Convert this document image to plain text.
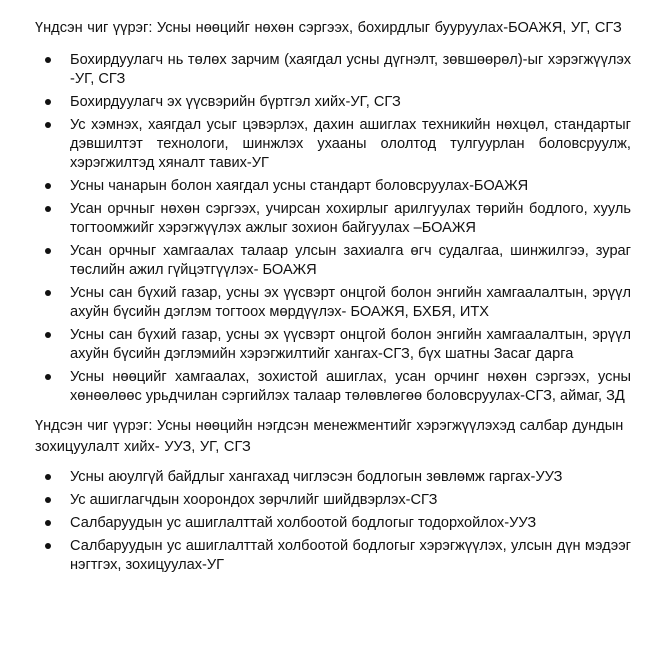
Үндсэн чиг үүрэг: Усны нөөцийг нөхөн сэргээх, бохирдлыг бууруулах-БОАЖЯ, УГ, СГЗ

Бохирдуулагч нь төлөх зарчим (хаягдал усны дүгнэлт, зөвшөөрөл)-ыг хэрэгжүүлэх -УГ, СГЗ
Бохирдуулагч эх үүсвэрийн бүртгэл хийх-УГ, СГЗ
Ус хэмнэх, хаягдал усыг цэвэрлэх, дахин ашиглах техникийн нөхцөл, стандартыг дэвшилтэт технологи, шинжлэх ухааны ололтод тулгуурлан боловсруулж, хэрэгжилтэд хяналт тавих-УГ
Усны чанарын болон хаягдал усны стандарт боловсруулах-БОАЖЯ
Усан орчныг нөхөн сэргээх, учирсан хохирлыг арилгуулах төрийн бодлого, хууль тогтоомжийг хэрэгжүүлэх ажлыг зохион байгуулах –БОАЖЯ
Усан орчныг хамгаалах талаар улсын захиалга өгч судалгаа, шинжилгээ, зураг төслийн ажил гүйцэтгүүлэх- БОАЖЯ
Усны сан бүхий газар, усны эх үүсвэрт онцгой болон энгийн хамгаалалтын, эрүүл ахуйн бүсийн дэглэм тогтоох мөрдүүлэх- БОАЖЯ, БХБЯ, ИТХ
Усны сан бүхий газар, усны эх үүсвэрт онцгой болон энгийн хамгаалалтын, эрүүл ахуйн бүсийн дэглэмийн хэрэгжилтийг хангах-СГЗ, бүх шатны Засаг дарга
Усны нөөцийг хамгаалах, зохистой ашиглах, усан орчинг нөхөн сэргээх, усны хөнөөлөөс урьдчилан сэргийлэх талаар төлөвлөгөө боловсруулах-СГЗ, аймаг, ЗД

Үндсэн чиг үүрэг: Усны нөөцийн нэгдсэн менежментийг хэрэгжүүлэхэд салбар дундын зохицуулалт хийх- УУЗ, УГ, СГЗ

Усны аюулгүй байдлыг хангахад чиглэсэн бодлогын зөвлөмж гаргах-УУЗ
Ус ашиглагчдын хоорондох зөрчлийг шийдвэрлэх-СГЗ
Салбаруудын ус ашиглалттай холбоотой бодлогыг тодорхойлох-УУЗ
Салбаруудын ус ашиглалттай холбоотой бодлогыг хэрэгжүүлэх, улсын дүн мэдээг нэгтгэх, зохицуулах-УГ
